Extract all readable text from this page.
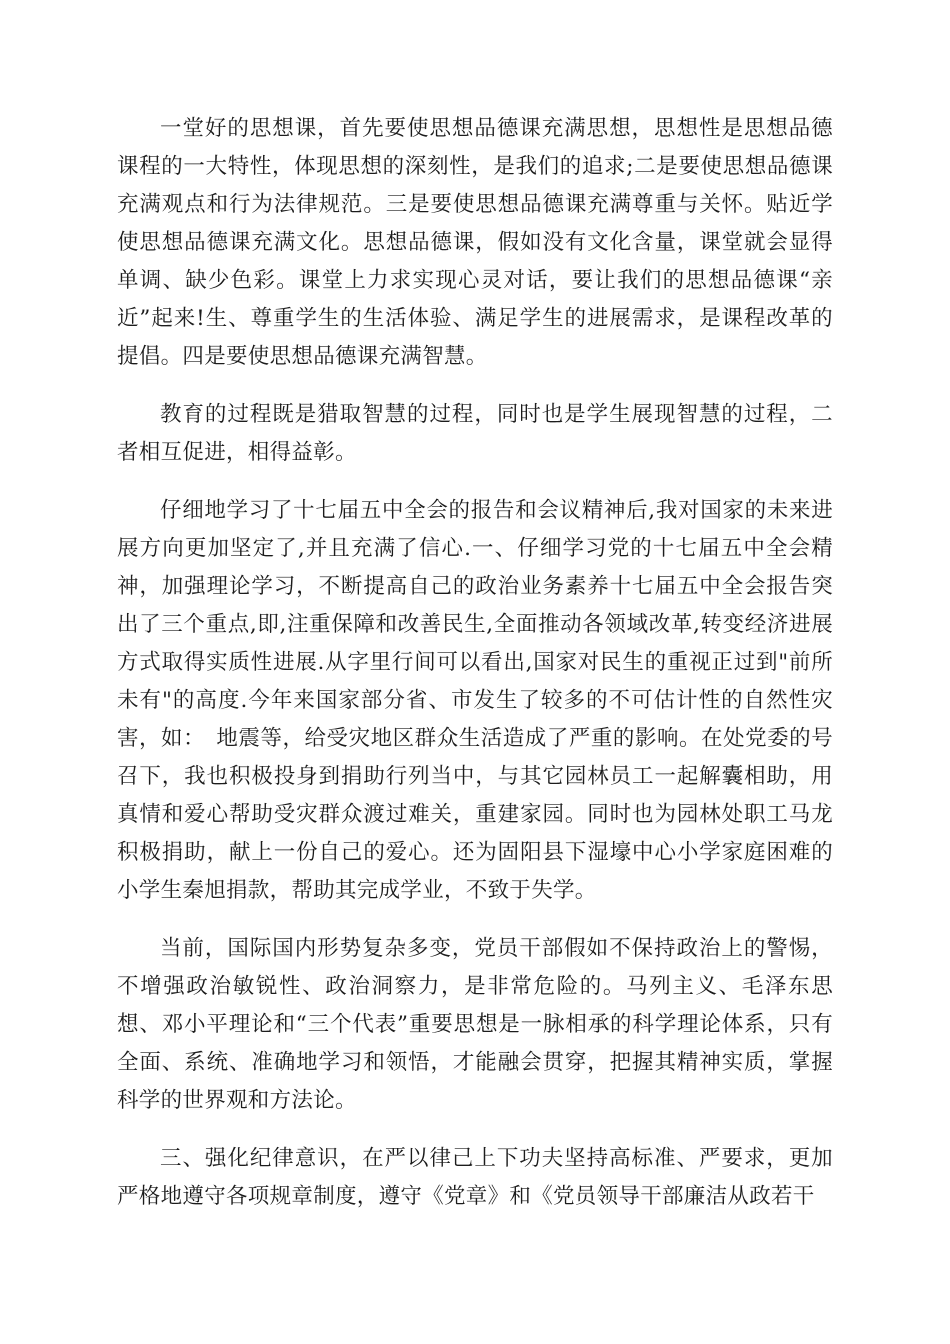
一堂好的思想课，首先要使思想品德课充满思想，思想性是思想品德课程的一大特性，体现思想的深刻性，是我们的追求;二是要使思想品德课充满观点和行为法律规范。三是要使思想品德课充满尊重与关怀。贴近学使思想品德课充满文化。思想品德课，假如没有文化含量，课堂就会显得单调、缺少色彩。课堂上力求实现心灵对话，要让我们的思想品德课“亲近”起来!生、尊重学生的生活体验、满足学生的进展需求，是课程改革的提倡。四是要使思想品德课充满智慧。

教育的过程既是猎取智慧的过程，同时也是学生展现智慧的过程，二者相互促进，相得益彰。

仔细地学习了十七届五中全会的报告和会议精神后,我对国家的未来进展方向更加坚定了,并且充满了信心.一、仔细学习党的十七届五中全会精神，加强理论学习，不断提高自己的政治业务素养十七届五中全会报告突出了三个重点,即,注重保障和改善民生,全面推动各领域改革,转变经济进展方式取得实质性进展.从字里行间可以看出,国家对民生的重视正过到"前所未有"的高度.今年来国家部分省、市发生了较多的不可估计性的自然性灾害，如：　地震等，给受灾地区群众生活造成了严重的影响。在处党委的号召下，我也积极投身到捐助行列当中，与其它园林员工一起解囊相助，用真情和爱心帮助受灾群众渡过难关，重建家园。同时也为园林处职工马龙积极捐助，献上一份自己的爱心。还为固阳县下湿壕中心小学家庭困难的小学生秦旭捐款，帮助其完成学业，不致于失学。

当前，国际国内形势复杂多变，党员干部假如不保持政治上的警惕，不增强政治敏锐性、政治洞察力，是非常危险的。马列主义、毛泽东思想、邓小平理论和“三个代表”重要思想是一脉相承的科学理论体系，只有全面、系统、准确地学习和领悟，才能融会贯穿，把握其精神实质，掌握科学的世界观和方法论。

三、强化纪律意识，在严以律己上下功夫坚持高标准、严要求，更加严格地遵守各项规章制度，遵守《党章》和《党员领导干部廉洁从政若干
